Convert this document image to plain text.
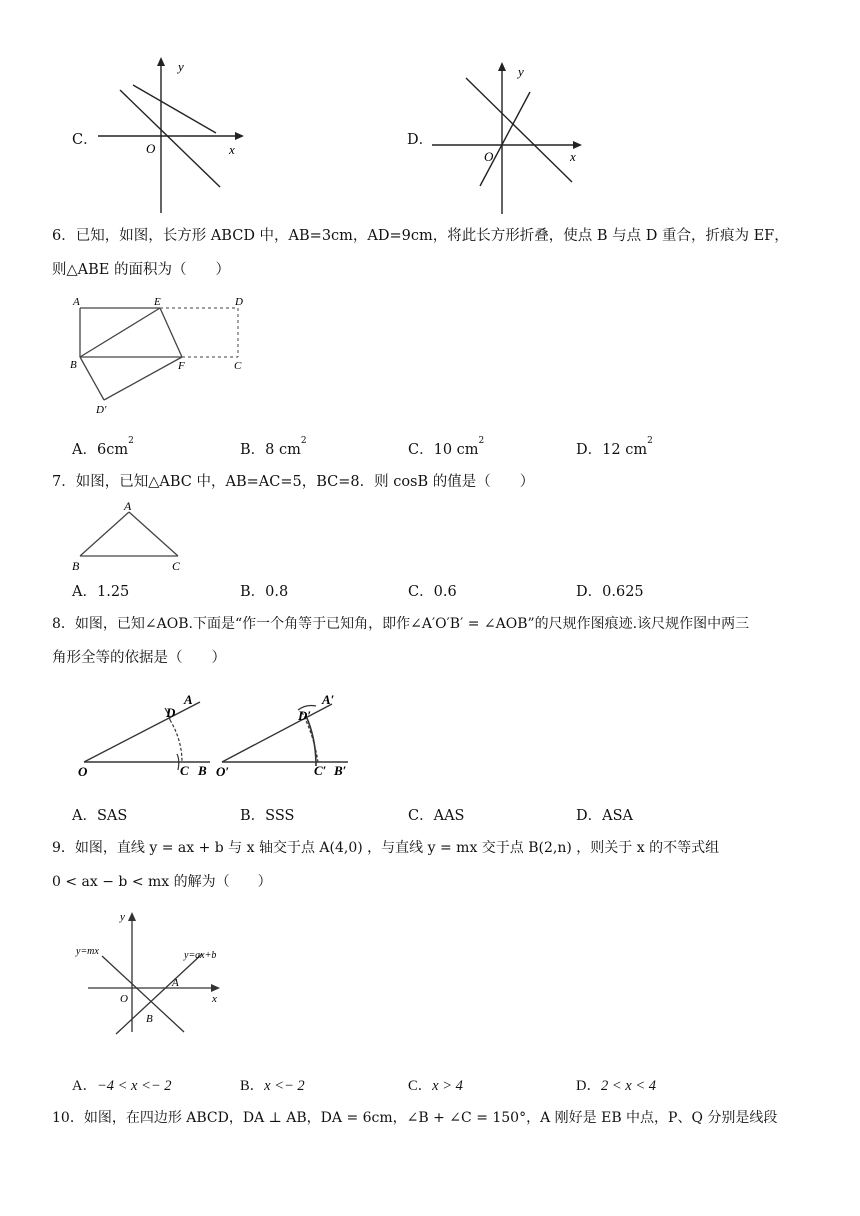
C．
y
x
O
D．
y
x
O
6．已知，如图，长方形 ABCD 中，AB=3cm，AD=9cm，将此长方形折叠，使点 B 与点 D 重合，折痕为 EF，
则△ABE 的面积为（　　）
A	E	D
B	F	C
D'
A．$6cm^2$
B．8 $cm^2$
C．10 $cm^2$
D．12 $cm^2$
7．如图，已知△ABC 中，AB=AC=5，BC=8．则 cosB 的值是（　　）
A
B	C
A．1.25	B．0.8	C．0.6	D．0.625
8．如图，已知∠AOB.下面是“作一个角等于已知角，即作∠A′O′B′ = ∠AOB”的尺规作图痕迹.该尺规作图中两三
角形全等的依据是（　　）
O
D
A
C B O′
D′
A′
C′ B′
A．SAS	B．SSS	C．AAS	D．ASA
9．如图，直线 y = ax + b 与 x 轴交于点 A(4,0) ，与直线 y = mx 交于点 B(2,n) ，则关于 x 的不等式组
0 < ax − b < mx 的解为（　　）
y
x
O
A
B
y=mx	y=ax+b
A．−4 < x <− 2	B．x <− 2	C．x > 4	D．2 < x < 4
10．如图，在四边形 ABCD，DA ⊥ AB，DA = 6cm，∠B + ∠C = 150°，A 刚好是 EB 中点，P、Q 分别是线段
